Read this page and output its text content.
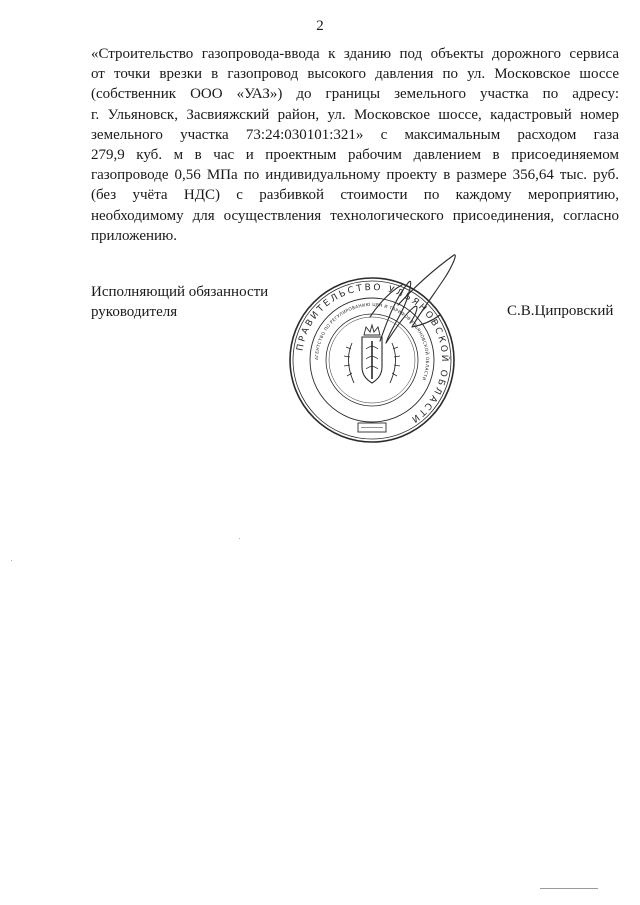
2

«Строительство газопровода-ввода к зданию под объекты дорожного сервиса
от точки врезки в газопровод высокого давления по ул. Московское шоссе
(собственник ООО «УАЗ») до границы земельного участка по адресу:
г. Ульяновск, Засвияжский район, ул. Московское шоссе, кадастровый номер
земельного участка 73:24:030101:321» с максимальным расходом газа
279,9 куб. м в час и проектным рабочим давлением в присоединяемом
газопроводе 0,56 МПа по индивидуальному проекту в размере 356,64 тыс. руб.
(без учёта НДС) с разбивкой стоимости по каждому мероприятию,
необходимому для осуществления технологического присоединения, согласно
приложению.

Исполняющий обязанности
руководителя	С.В.Ципровский
ПРАВИТЕЛЬСТВО УЛЬЯНОВСКОЙ ОБЛАСТИ
АГЕНТСТВО ПО РЕГУЛИРОВАНИЮ ЦЕН И ТАРИФОВ УЛЬЯНОВСКОЙ ОБЛАСТИ
